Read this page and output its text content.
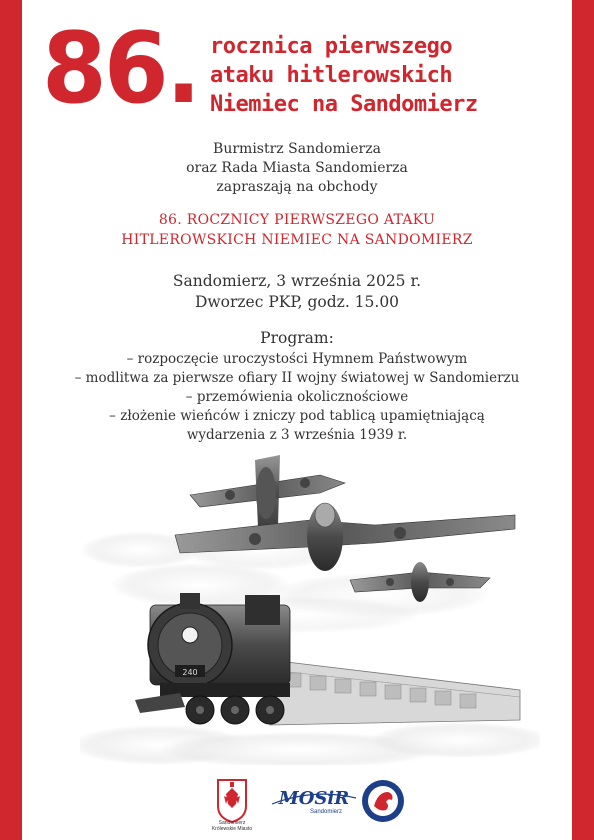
86. rocznica pierwszego
ataku hitlerowskich
Niemiec na Sandomierz
Burmistrz Sandomierza
oraz Rada Miasta Sandomierza
zapraszają na obchody
86. ROCZNICY PIERWSZEGO ATAKU
HITLEROWSKICH NIEMIEC NA SANDOMIERZ
Sandomierz, 3 września 2025 r.
Dworzec PKP, godz. 15.00
Program:
– rozpoczęcie uroczystości Hymnem Państwowym
– modlitwa za pierwsze ofiary II wojny światowej w Sandomierzu
– przemówienia okolicznościowe
– złożenie wieńców i zniczy pod tablicą upamiętniającą
wydarzenia z 3 września 1939 r.
240
Sandomierz
Królewskie Miasto
MOSiR
Sandomierz
